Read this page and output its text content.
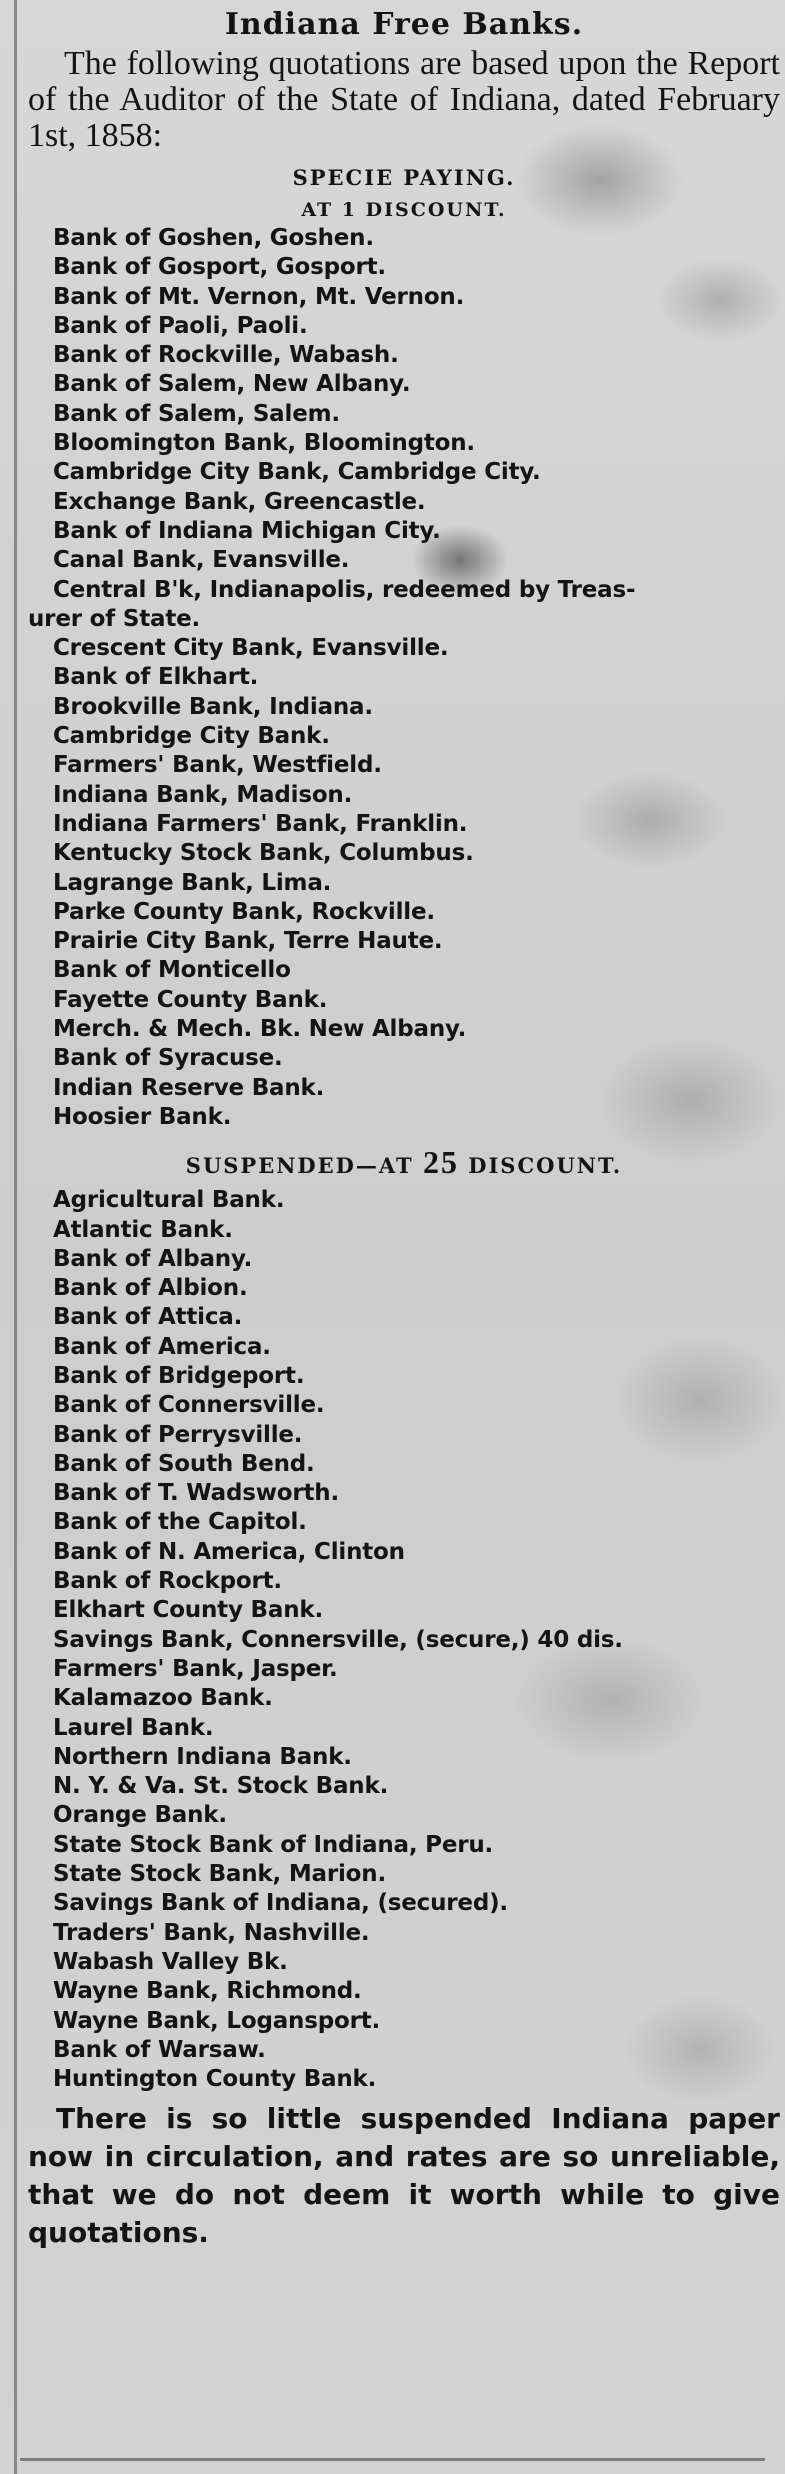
Indiana Free Banks.

The following quotations are based upon the Report of the Auditor of the State of Indiana, dated February 1st, 1858:

SPECIE PAYING.
AT 1 DISCOUNT.
Bank of Goshen, Goshen.
Bank of Gosport, Gosport.
Bank of Mt. Vernon, Mt. Vernon.
Bank of Paoli, Paoli.
Bank of Rockville, Wabash.
Bank of Salem, New Albany.
Bank of Salem, Salem.
Bloomington Bank, Bloomington.
Cambridge City Bank, Cambridge City.
Exchange Bank, Greencastle.
Bank of Indiana Michigan City.
Canal Bank, Evansville.
Central B'k, Indianapolis, redeemed by Treas-
urer of State.
Crescent City Bank, Evansville.
Bank of Elkhart.
Brookville Bank, Indiana.
Cambridge City Bank.
Farmers' Bank, Westfield.
Indiana Bank, Madison.
Indiana Farmers' Bank, Franklin.
Kentucky Stock Bank, Columbus.
Lagrange Bank, Lima.
Parke County Bank, Rockville.
Prairie City Bank, Terre Haute.
Bank of Monticello
Fayette County Bank.
Merch. & Mech. Bk. New Albany.
Bank of Syracuse.
Indian Reserve Bank.
Hoosier Bank.
SUSPENDED—AT 25 DISCOUNT.
Agricultural Bank.
Atlantic Bank.
Bank of Albany.
Bank of Albion.
Bank of Attica.
Bank of America.
Bank of Bridgeport.
Bank of Connersville.
Bank of Perrysville.
Bank of South Bend.
Bank of T. Wadsworth.
Bank of the Capitol.
Bank of N. America, Clinton
Bank of Rockport.
Elkhart County Bank.
Savings Bank, Connersville, (secure,) 40 dis.
Farmers' Bank, Jasper.
Kalamazoo Bank.
Laurel Bank.
Northern Indiana Bank.
N. Y. & Va. St. Stock Bank.
Orange Bank.
State Stock Bank of Indiana, Peru.
State Stock Bank, Marion.
Savings Bank of Indiana, (secured).
Traders' Bank, Nashville.
Wabash Valley Bk.
Wayne Bank, Richmond.
Wayne Bank, Logansport.
Bank of Warsaw.
Huntington County Bank.

There is so little suspended Indiana paper now in circulation, and rates are so unreliable, that we do not deem it worth while to give quotations.
